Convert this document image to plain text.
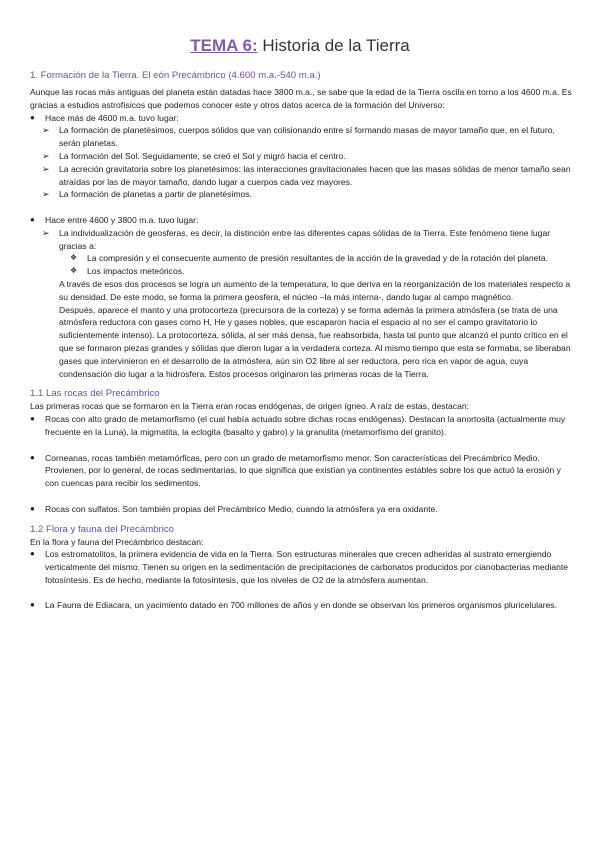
TEMA 6: Historia de la Tierra
1. Formación de la Tierra. El eón Precámbrico (4.600 m.a.-540 m.a.)
Aunque las rocas más antiguas del planeta están datadas hace 3800 m.a., se sabe que la edad de la Tierra oscila en torno a los 4600 m.a. Es gracias a estudios astrofísicos que podemos conocer este y otros datos acerca de la formación del Universo:
● Hace más de 4600 m.a. tuvo lugar:
➢ La formación de planetésimos, cuerpos sólidos que van colisionando entre sí formando masas de mayor tamaño que, en el futuro, serán planetas.
➢ La formación del Sol. Seguidamente, se creó el Sol y migró hacia el centro.
➢ La acreción gravitatoria sobre los planetésimos: las interacciones gravitacionales hacen que las masas sólidas de menor tamaño sean atraídas por las de mayor tamaño, dando lugar a cuerpos cada vez mayores.
➢ La formación de planetas a partir de planetésimos.
● Hace entre 4600 y 3800 m.a. tuvo lugar:
➢ La individualización de geosferas, es decir, la distinción entre las diferentes capas sólidas de la Tierra. Este fenómeno tiene lugar gracias a:
❖ La compresión y el consecuente aumento de presión resultantes de la acción de la gravedad y de la rotación del planeta.
❖ Los impactos meteóricos.
A través de esos dos procesos se logra un aumento de la temperatura, lo que deriva en la reorganización de los materiales respecto a su densidad. De este modo, se forma la primera geosfera, el núcleo –la más interna-, dando lugar al campo magnético.
Después, aparece el manto y una protocorteza (precursora de la corteza) y se forma además la primera atmósfera (se trata de una atmósfera reductora con gases como H, He y gases nobles, que escaparon hacia el espacio al no ser el campo gravitatorio lo suficientemente intenso). La protocorteza, sólida, al ser más densa, fue reabsorbida, hasta tal punto que alcanzó el punto crítico en el que se formaron piezas grandes y sólidas que dieron lugar a la verdadera corteza. Al mismo tiempo que esta se formaba, se liberaban gases que intervinieron en el desarrollo de la atmósfera, aún sin O2 libre al ser reductora, pero rica en vapor de agua, cuya condensación dio lugar a la hidrosfera. Estos procesos originaron las primeras rocas de la Tierra.
1.1 Las rocas del Precámbrico
Las primeras rocas que se formaron en la Tierra eran rocas endógenas, de origen ígneo. A raíz de estas, destacan:
● Rocas con alto grado de metamorfismo (el cual había actuado sobre dichas rocas endógenas). Destacan la anortosita (actualmente muy frecuente en la Luna), la migmatita, la eclogita (basalto y gabro) y la granulita (metamorfismo del granito).
● Corneanas, rocas también metamórficas, pero con un grado de metamorfismo menor. Son características del Precámbrico Medio. Provienen, por lo general, de rocas sedimentarias, lo que significa que existían ya continentes estables sobre los que actuó la erosión y con cuencas para recibir los sedimentos.
● Rocas con sulfatos. Son también propias del Precámbrico Medio, cuando la atmósfera ya era oxidante.
1.2 Flora y fauna del Precámbrico
En la flora y fauna del Precámbrico destacan:
● Los estromatolitos, la primera evidencia de vida en la Tierra. Son estructuras minerales que crecen adheridas al sustrato emergiendo verticalmente del mismo. Tienen su origen en la sedimentación de precipitaciones de carbonatos producidos por cianobacterias mediante fotosíntesis. Es de hecho, mediante la fotosíntesis, que los niveles de O2 de la atmósfera aumentan.
● La Fauna de Ediacara, un yacimiento datado en 700 millones de años y en donde se observan los primeros organismos pluricelulares.
